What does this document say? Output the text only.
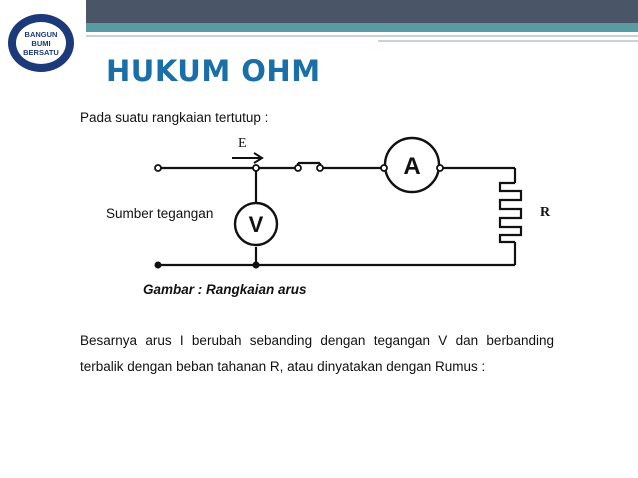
BANGUN BUMI
BERSATU
HUKUM OHM
Pada suatu rangkaian tertutup :
V
A
E
R
Sumber tegangan
Gambar : Rangkaian arus
Besarnya arus I berubah sebanding dengan tegangan V dan berbanding terbalik dengan beban tahanan R, atau dinyatakan dengan Rumus :
